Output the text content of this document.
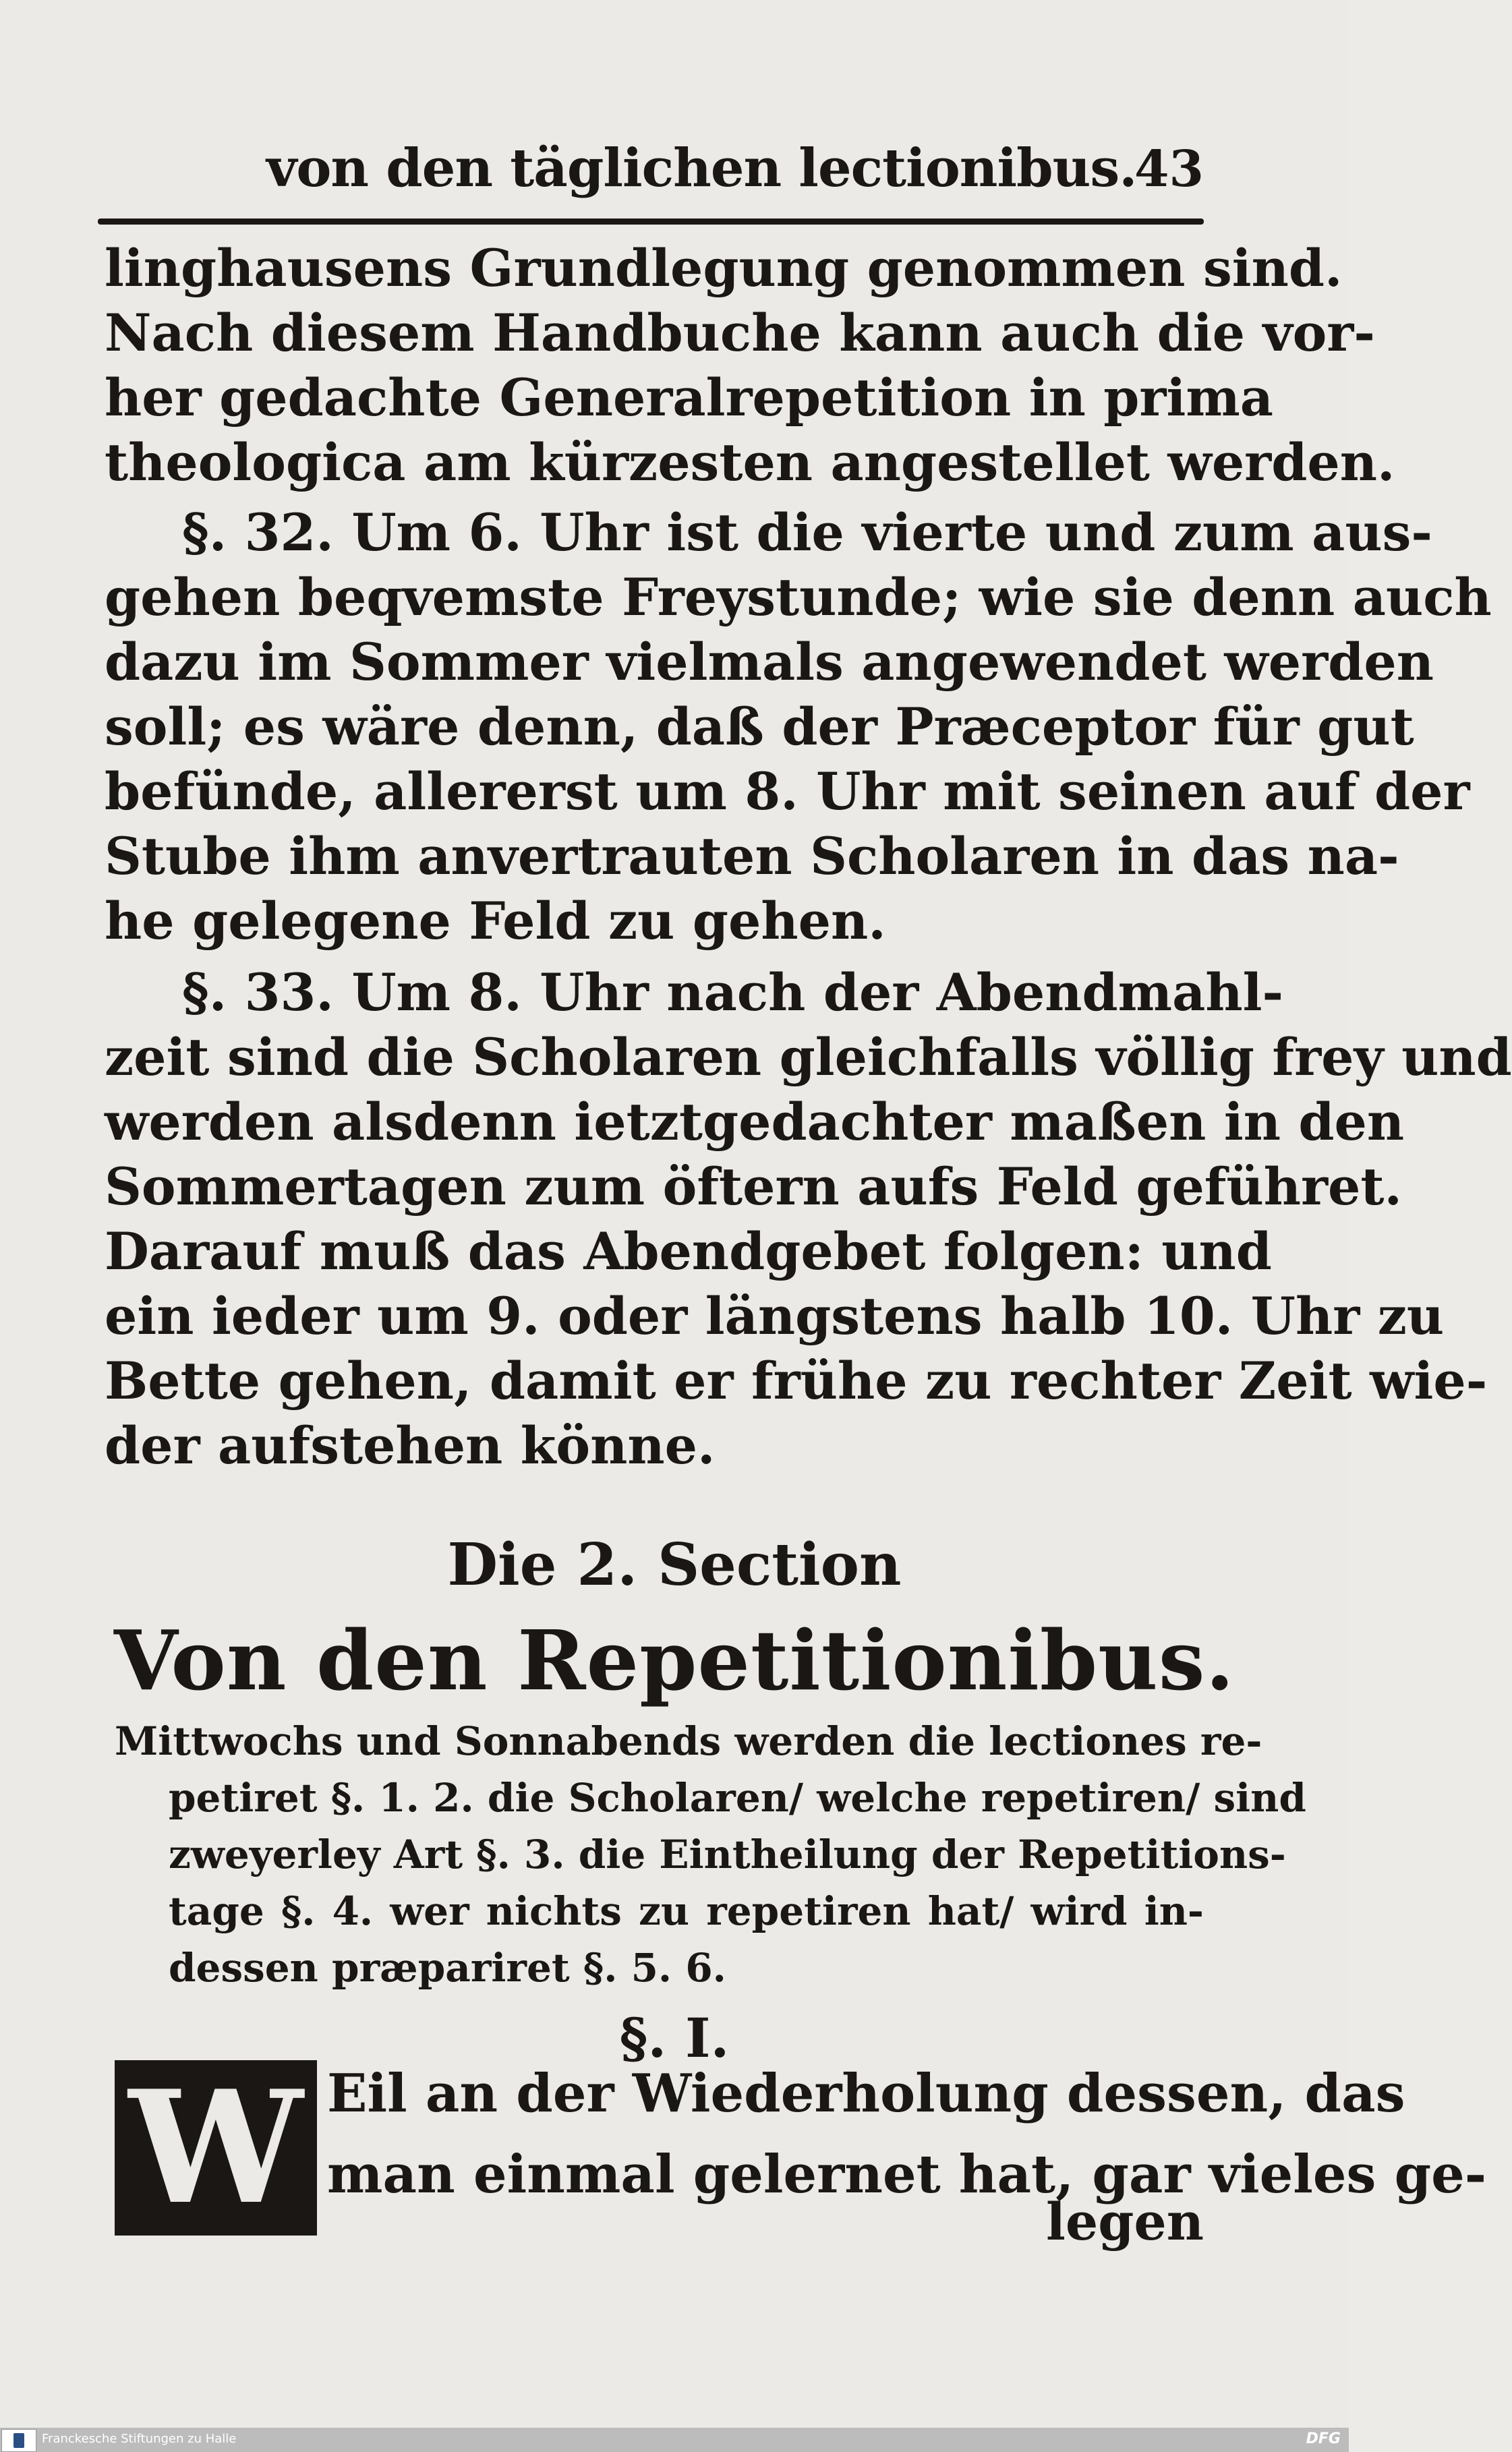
von den täglichen lectionibus.
43
linghausens Grundlegung genommen sind.
Nach diesem Handbuche kann auch die vor-
her gedachte Generalrepetition in prima
theologica am kürzesten angestellet werden.
§. 32. Um 6. Uhr ist die vierte und zum aus-
gehen beqvemste Freystunde; wie sie denn auch
dazu im Sommer vielmals angewendet werden
soll; es wäre denn, daß der Præceptor für gut
befünde, allererst um 8. Uhr mit seinen auf der
Stube ihm anvertrauten Scholaren in das na-
he gelegene Feld zu gehen.
§. 33. Um 8. Uhr nach der Abendmahl-
zeit sind die Scholaren gleichfalls völlig frey und
werden alsdenn ietztgedachter maßen in den
Sommertagen zum öftern aufs Feld geführet.
Darauf muß das Abendgebet folgen: und
ein ieder um 9. oder längstens halb 10. Uhr zu
Bette gehen, damit er frühe zu rechter Zeit wie-
der aufstehen könne.
Die 2. Section
Von den Repetitionibus.
Mittwochs und Sonnabends werden die lectiones re-
petiret §. 1. 2. die Scholaren/ welche repetiren/ sind
zweyerley Art §. 3. die Eintheilung der Repetitions-
tage §. 4. wer nichts zu repetiren hat/ wird in-
dessen præpariret §. 5. 6.
§. I.
W Eil an der Wiederholung dessen, das
man einmal gelernet hat, gar vieles ge-
legen
Franckesche Stiftungen zu Halle	DFG
